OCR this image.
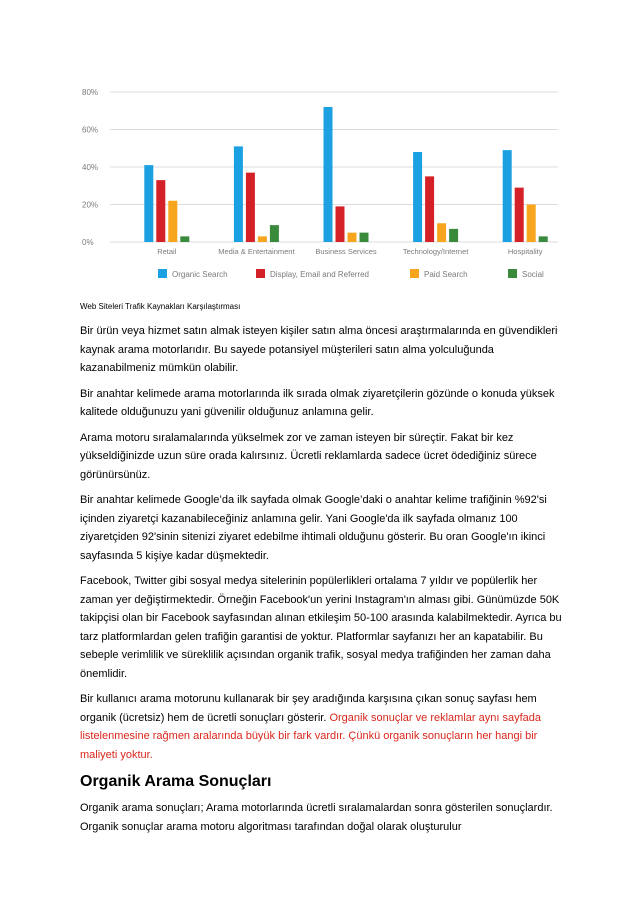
0%
20%
40%
60%
80%
Retail	Media & Entertainment	Business Services	Technology/Internet	Hospitality
Organic Search	Display, Email and Referred	Paid Search	Social
Web Siteleri Trafik Kaynakları Karşılaştırması

Bir ürün veya hizmet satın almak isteyen kişiler satın alma öncesi araştırmalarında en güvendikleri kaynak arama motorlarıdır. Bu sayede potansiyel müşterileri satın alma yolculuğunda kazanabilmeniz mümkün olabilir.

Bir anahtar kelimede arama motorlarında ilk sırada olmak ziyaretçilerin gözünde o konuda yüksek kalitede olduğunuzu yani güvenilir olduğunuz anlamına gelir.

Arama motoru sıralamalarında yükselmek zor ve zaman isteyen bir süreçtir. Fakat bir kez yükseldiğinizde uzun süre orada kalırsınız. Ücretli reklamlarda sadece ücret ödediğiniz sürece görünürsünüz.

Bir anahtar kelimede Google’da ilk sayfada olmak Google’daki o anahtar kelime trafiğinin %92'si içinden ziyaretçi kazanabileceğiniz anlamına gelir. Yani Google'da ilk sayfada olmanız 100 ziyaretçiden 92'sinin sitenizi ziyaret edebilme ihtimali olduğunu gösterir. Bu oran Google'ın ikinci sayfasında 5 kişiye kadar düşmektedir.

Facebook, Twitter gibi sosyal medya sitelerinin popülerlikleri ortalama 7 yıldır ve popülerlik her zaman yer değiştirmektedir. Örneğin Facebook'un yerini Instagram'ın alması gibi. Günümüzde 50K takipçisi olan bir Facebook sayfasından alınan etkileşim 50-100 arasında kalabilmektedir. Ayrıca bu tarz platformlardan gelen trafiğin garantisi de yoktur. Platformlar sayfanızı her an kapatabilir. Bu sebeple verimlilik ve süreklilik açısından organik trafik, sosyal medya trafiğinden her zaman daha önemlidir.

Bir kullanıcı arama motorunu kullanarak bir şey aradığında karşısına çıkan sonuç sayfası hem organik (ücretsiz) hem de ücretli sonuçları gösterir. Organik sonuçlar ve reklamlar aynı sayfada listelenmesine rağmen aralarında büyük bir fark vardır. Çünkü organik sonuçların her hangi bir maliyeti yoktur.

Organik Arama Sonuçları

Organik arama sonuçları; Arama motorlarında ücretli sıralamalardan sonra gösterilen sonuçlardır. Organik sonuçlar arama motoru algoritması tarafından doğal olarak oluşturulur
